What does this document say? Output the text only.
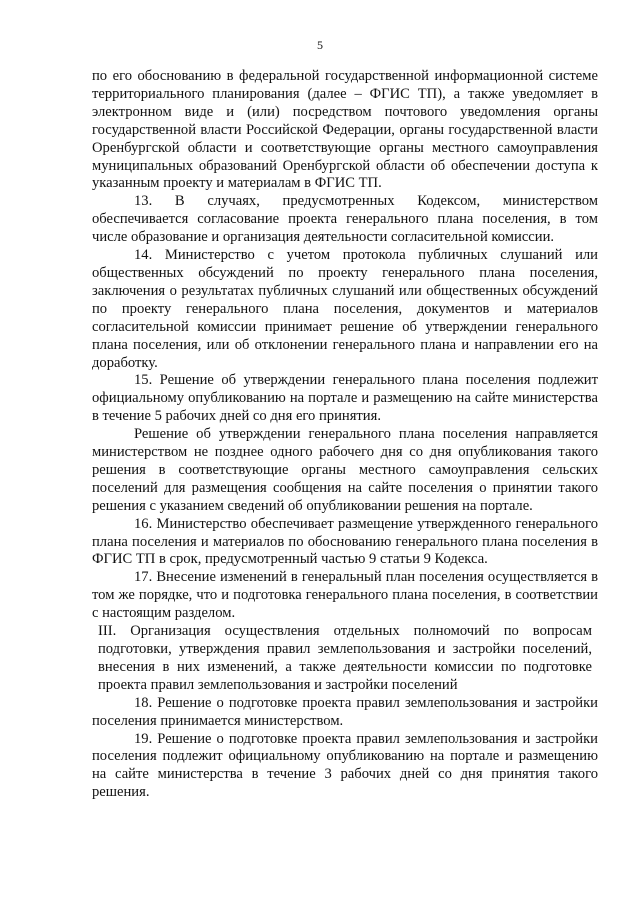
5

по его обоснованию в федеральной государственной информационной системе территориального планирования (далее – ФГИС ТП), а также уведомляет в электронном виде и (или) посредством почтового уведомления органы государственной власти Российской Федерации, органы государственной власти Оренбургской области и соответствующие органы местного самоуправления муниципальных образований Оренбургской области об обеспечении доступа к указанным проекту и материалам в ФГИС ТП.

13. В случаях, предусмотренных Кодексом, министерством обеспечивается согласование проекта генерального плана поселения, в том числе образование и организация деятельности согласительной комиссии.

14. Министерство с учетом протокола публичных слушаний или общественных обсуждений по проекту генерального плана поселения, заключения о результатах публичных слушаний или общественных обсуждений по проекту генерального плана поселения, документов и материалов согласительной комиссии принимает решение об утверждении генерального плана поселения, или об отклонении генерального плана и направлении его на доработку.

15. Решение об утверждении генерального плана поселения подлежит официальному опубликованию на портале и размещению на сайте министерства в течение 5 рабочих дней со дня его принятия.

Решение об утверждении генерального плана поселения направляется министерством не позднее одного рабочего дня со дня опубликования такого решения в соответствующие органы местного самоуправления сельских поселений для размещения сообщения на сайте поселения о принятии такого решения с указанием сведений об опубликовании решения на портале.

16. Министерство обеспечивает размещение утвержденного генерального плана поселения и материалов по обоснованию генерального плана поселения в ФГИС ТП в срок, предусмотренный частью 9 статьи 9 Кодекса.

17. Внесение изменений в генеральный план поселения осуществляется в том же порядке, что и подготовка генерального плана поселения, в соответствии с настоящим разделом.

III. Организация осуществления отдельных полномочий по вопросам подготовки, утверждения правил землепользования и застройки поселений, внесения в них изменений, а также деятельности комиссии по подготовке проекта правил землепользования и застройки поселений

18. Решение о подготовке проекта правил землепользования и застройки поселения принимается министерством.

19. Решение о подготовке проекта правил землепользования и застройки поселения подлежит официальному опубликованию на портале и размещению на сайте министерства в течение 3 рабочих дней со дня принятия такого решения.
